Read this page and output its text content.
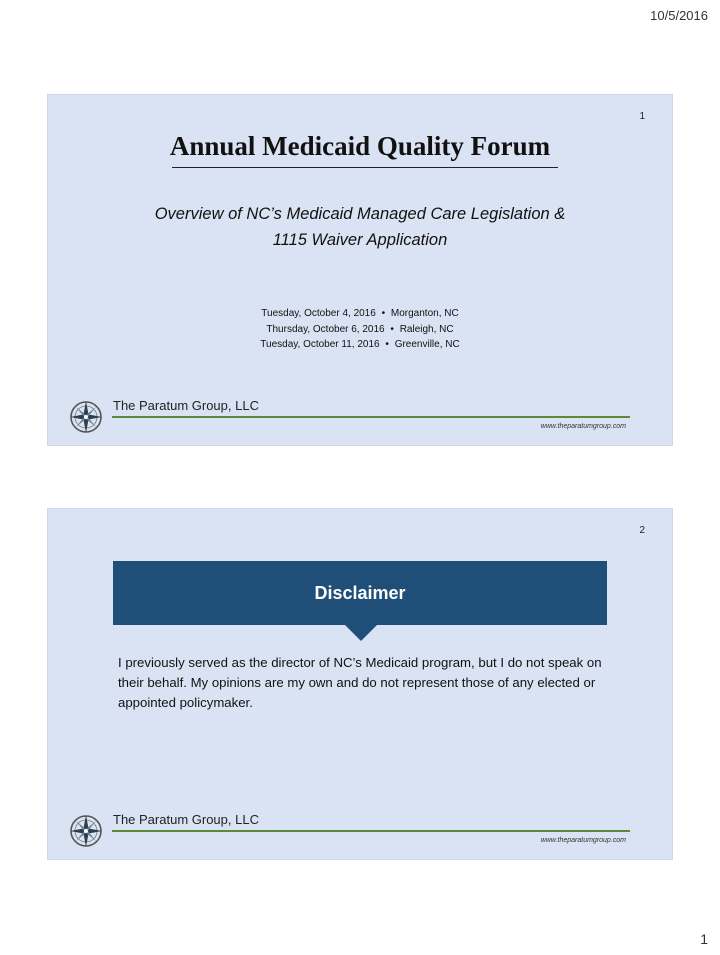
10/5/2016
1
Annual Medicaid Quality Forum
Overview of NC’s Medicaid Managed Care Legislation &
1115 Waiver Application
Tuesday, October 4, 2016 • Morganton, NC
Thursday, October 6, 2016 • Raleigh, NC
Tuesday, October 11, 2016 • Greenville, NC
The Paratum Group, LLC
www.theparatumgroup.com
2
Disclaimer
I previously served as the director of NC’s Medicaid program, but I do not speak on their behalf. My opinions are my own and do not represent those of any elected or appointed policymaker.
The Paratum Group, LLC
www.theparatumgroup.com
1
